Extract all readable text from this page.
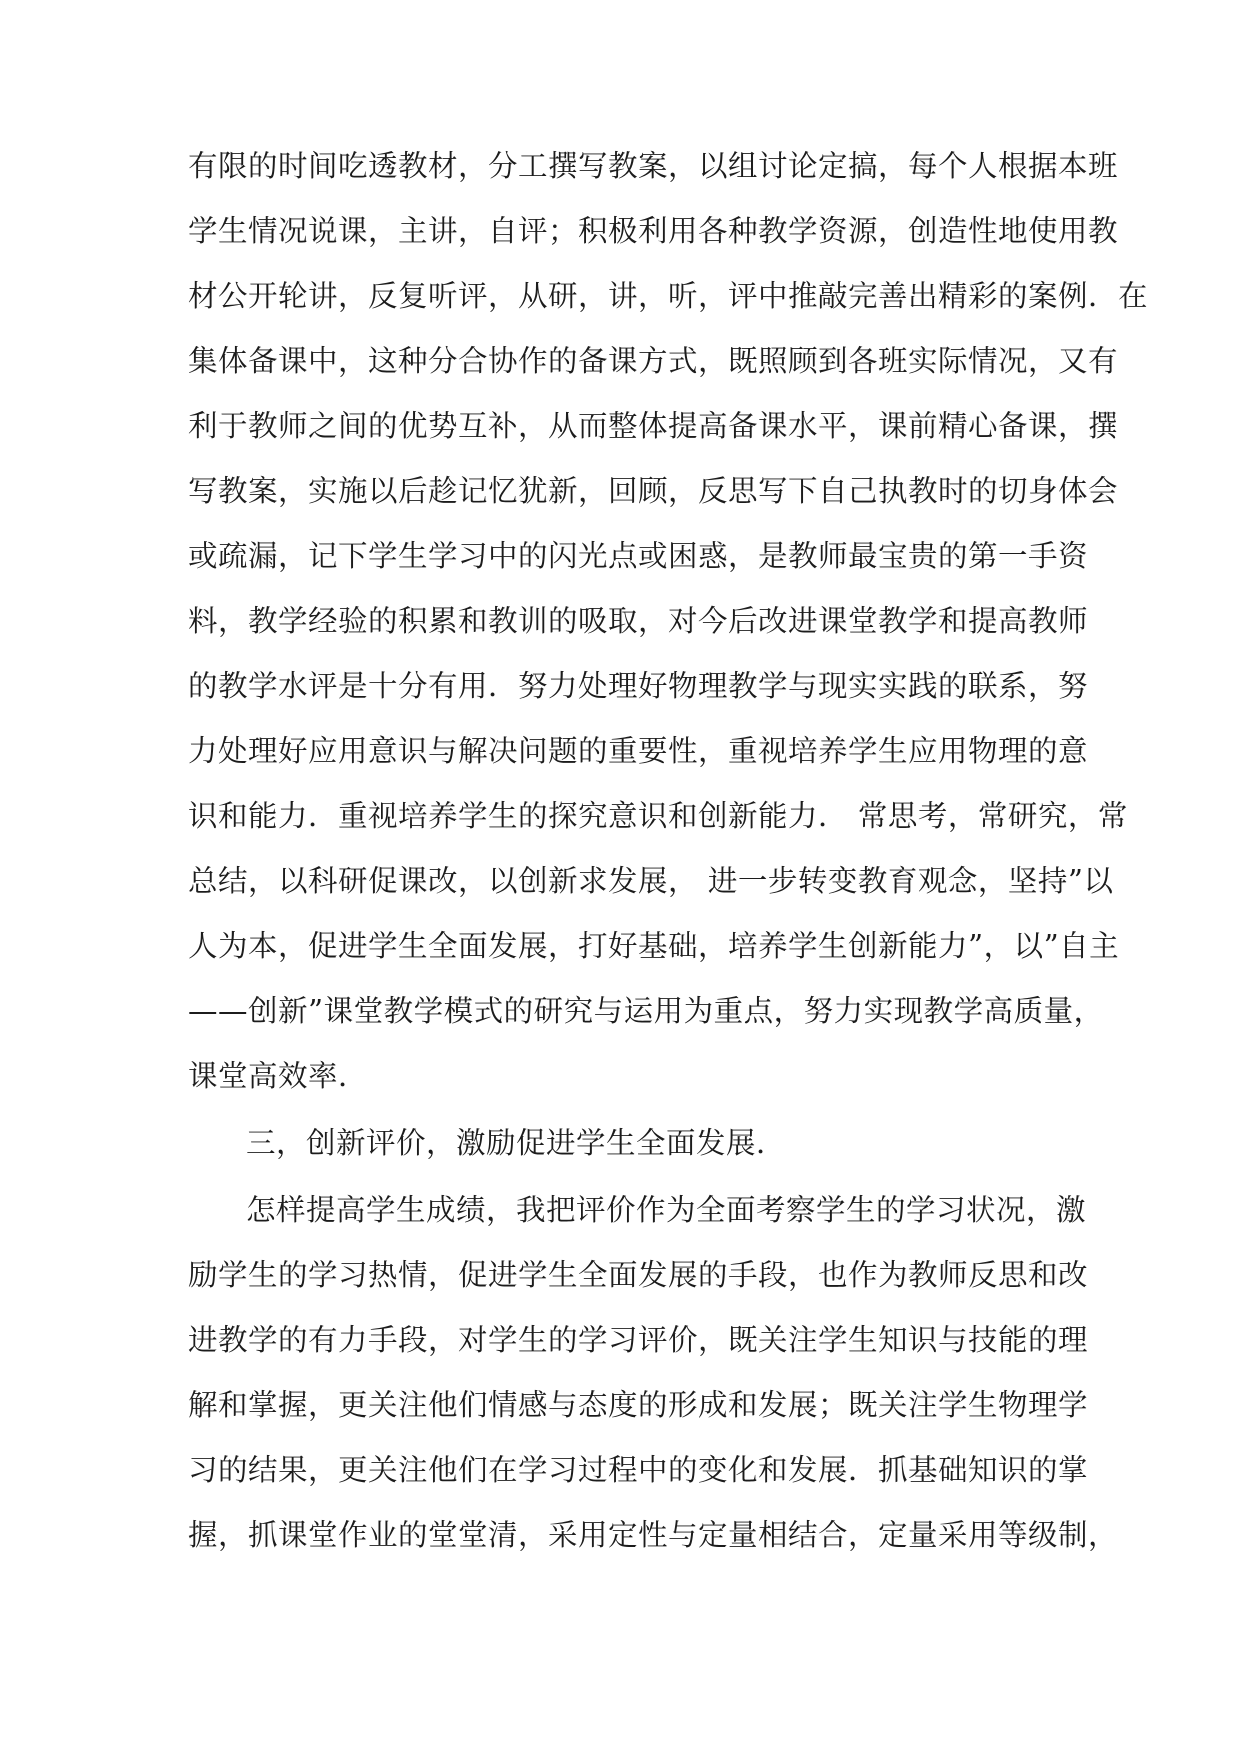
有限的时间吃透教材，分工撰写教案，以组讨论定搞，每个人根据本班
学生情况说课，主讲，自评；积极利用各种教学资源，创造性地使用教
材公开轮讲，反复听评，从研，讲，听，评中推敲完善出精彩的案例．在
集体备课中，这种分合协作的备课方式，既照顾到各班实际情况，又有
利于教师之间的优势互补，从而整体提高备课水平，课前精心备课，撰
写教案，实施以后趁记忆犹新，回顾，反思写下自己执教时的切身体会
或疏漏，记下学生学习中的闪光点或困惑，是教师最宝贵的第一手资
料，教学经验的积累和教训的吸取，对今后改进课堂教学和提高教师
的教学水评是十分有用．努力处理好物理教学与现实实践的联系，努
力处理好应用意识与解决问题的重要性，重视培养学生应用物理的意
识和能力．重视培养学生的探究意识和创新能力． 常思考，常研究，常
总结，以科研促课改，以创新求发展， 进一步转变教育观念，坚持”以
人为本，促进学生全面发展，打好基础，培养学生创新能力”，以”自主
——创新”课堂教学模式的研究与运用为重点，努力实现教学高质量，
课堂高效率．
三，创新评价，激励促进学生全面发展．
怎样提高学生成绩，我把评价作为全面考察学生的学习状况，激
励学生的学习热情，促进学生全面发展的手段，也作为教师反思和改
进教学的有力手段，对学生的学习评价，既关注学生知识与技能的理
解和掌握，更关注他们情感与态度的形成和发展；既关注学生物理学
习的结果，更关注他们在学习过程中的变化和发展．抓基础知识的掌
握，抓课堂作业的堂堂清，采用定性与定量相结合，定量采用等级制，
